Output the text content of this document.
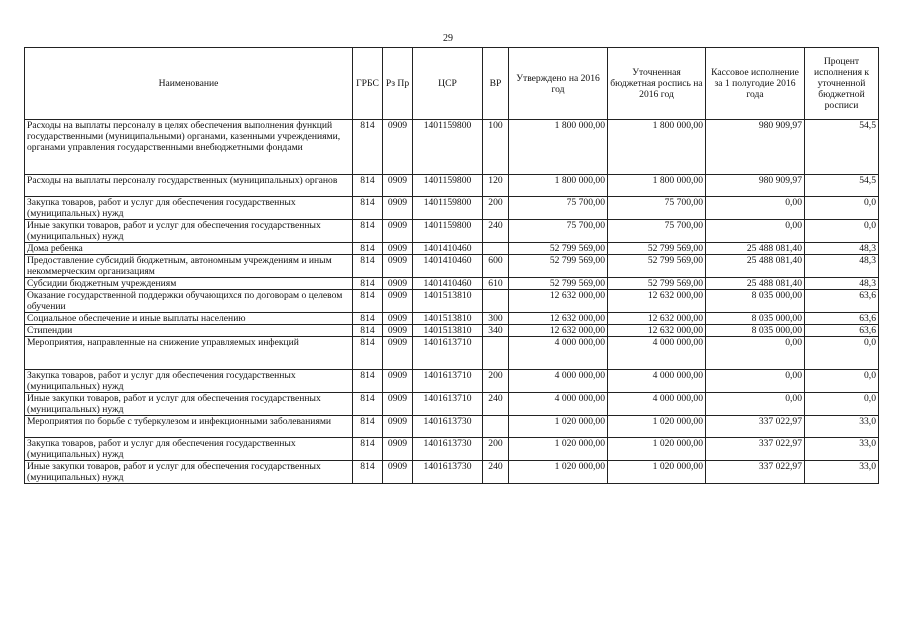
29
Наименование	ГРБС	Рз Пр	ЦСР	ВР	Утверждено на 2016 год	Уточненная бюджетная роспись на 2016 год	Кассовое исполнение за 1 полугодие 2016 года	Процент исполнения к уточненной бюджетной росписи
Расходы на выплаты персоналу в целях обеспечения выполнения функций государственными (муниципальными) органами, казенными учреждениями, органами управления государственными внебюджетными фондами	814	0909	1401159800	100	1 800 000,00	1 800 000,00	980 909,97	54,5
Расходы на выплаты персоналу государственных (муниципальных) органов	814	0909	1401159800	120	1 800 000,00	1 800 000,00	980 909,97	54,5
Закупка товаров, работ и услуг для обеспечения государственных (муниципальных) нужд	814	0909	1401159800	200	75 700,00	75 700,00	0,00	0,0
Иные закупки товаров, работ и услуг для обеспечения государственных (муниципальных) нужд	814	0909	1401159800	240	75 700,00	75 700,00	0,00	0,0
Дома ребенка	814	0909	1401410460		52 799 569,00	52 799 569,00	25 488 081,40	48,3
Предоставление субсидий бюджетным, автономным учреждениям и иным некоммерческим организациям	814	0909	1401410460	600	52 799 569,00	52 799 569,00	25 488 081,40	48,3
Субсидии бюджетным учреждениям	814	0909	1401410460	610	52 799 569,00	52 799 569,00	25 488 081,40	48,3
Оказание государственной поддержки обучающихся по договорам о целевом обучении	814	0909	1401513810		12 632 000,00	12 632 000,00	8 035 000,00	63,6
Социальное обеспечение и иные выплаты населению	814	0909	1401513810	300	12 632 000,00	12 632 000,00	8 035 000,00	63,6
Стипендии	814	0909	1401513810	340	12 632 000,00	12 632 000,00	8 035 000,00	63,6
Мероприятия, направленные на снижение управляемых инфекций	814	0909	1401613710		4 000 000,00	4 000 000,00	0,00	0,0
Закупка товаров, работ и услуг для обеспечения государственных (муниципальных) нужд	814	0909	1401613710	200	4 000 000,00	4 000 000,00	0,00	0,0
Иные закупки товаров, работ и услуг для обеспечения государственных (муниципальных) нужд	814	0909	1401613710	240	4 000 000,00	4 000 000,00	0,00	0,0
Мероприятия по борьбе с туберкулезом и инфекционными заболеваниями	814	0909	1401613730		1 020 000,00	1 020 000,00	337 022,97	33,0
Закупка товаров, работ и услуг для обеспечения государственных (муниципальных) нужд	814	0909	1401613730	200	1 020 000,00	1 020 000,00	337 022,97	33,0
Иные закупки товаров, работ и услуг для обеспечения государственных (муниципальных) нужд	814	0909	1401613730	240	1 020 000,00	1 020 000,00	337 022,97	33,0
